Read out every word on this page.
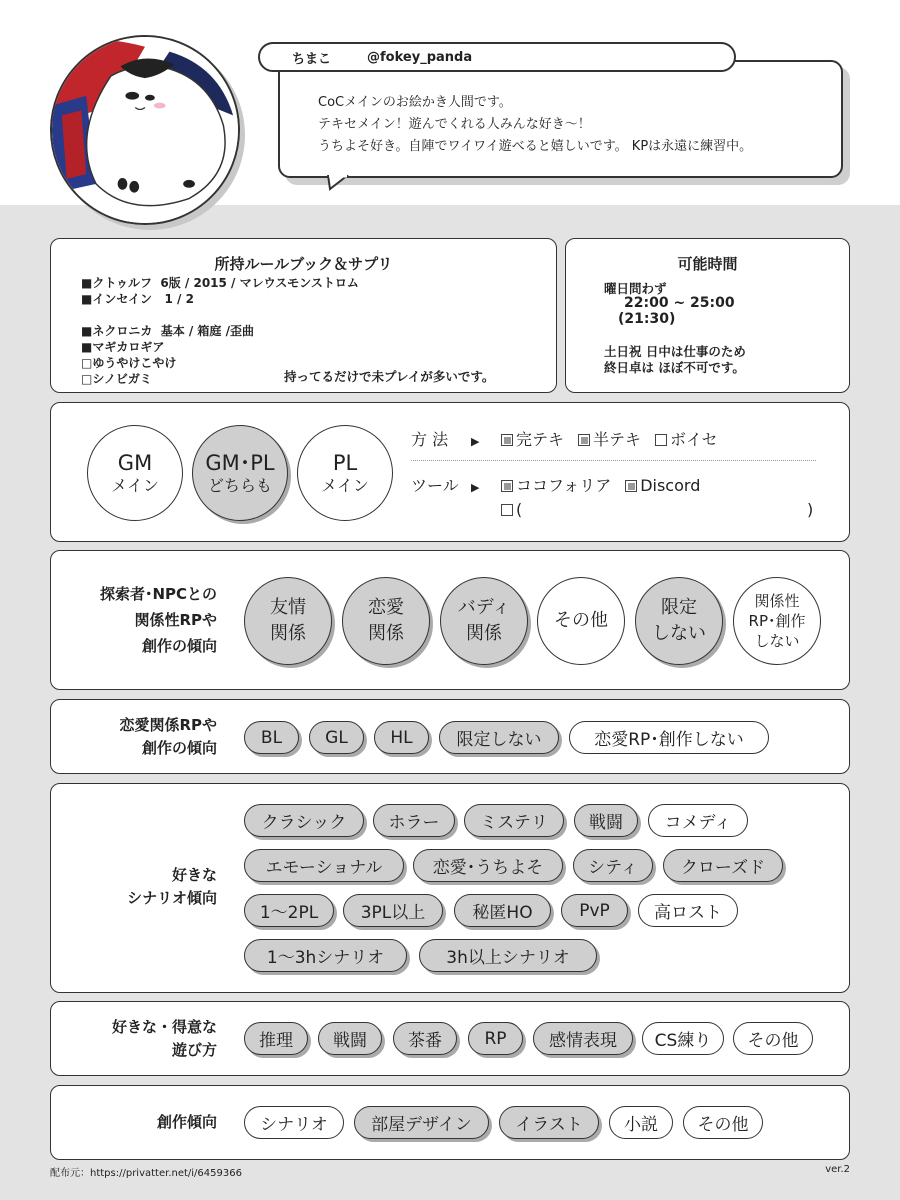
ちまこ	@fokey_panda
CoCメインのお絵かき人間です。
テキセメイン！遊んでくれる人みんな好き～！
うちよそ好き。自陣でワイワイ遊べると嬉しいです。 KPは永遠に練習中。
所持ルールブック＆サプリ
■クトゥルフ  6版 / 2015 / マレウスモンストロム
■インセイン   1 / 2
■ネクロニカ  基本 / 箱庭 /歪曲
■マギカロギア
□ゆうやけこやけ
□シノビガミ	持ってるだけで未プレイが多いです。
可能時間
曜日問わず
22:00 ~ 25:00
(21:30)
土日祝 日中は仕事のため
終日卓は ほぼ不可です。
GM
メイン
GM･PL
どちらも
PL
メイン
方 法 ▶ 完テキ 半テキ ボイセ
ツール ▶ ココフォリア Discord
(	)
探索者･NPCとの
関係性RPや
創作の傾向
友情
関係
恋愛
関係
バディ
関係
その他
限定
しない
関係性
RP･創作
しない
恋愛関係RPや
創作の傾向
BL	GL	HL	限定しない	恋愛RP･創作しない
好きな
シナリオ傾向
クラシック ホラー ミステリ 戦闘 コメディ
エモーショナル	恋愛･うちよそ	シティ	クローズド
1～2PL	3PL以上	秘匿HO	PvP	高ロスト
1～3hシナリオ	3h以上シナリオ
好きな・得意な
遊び方 推理 戦闘 茶番 RP 感情表現 CS練り その他
創作傾向	シナリオ	部屋デザイン	イラスト 小説 その他
配布元：https://privatter.net/i/6459366	ver.2
